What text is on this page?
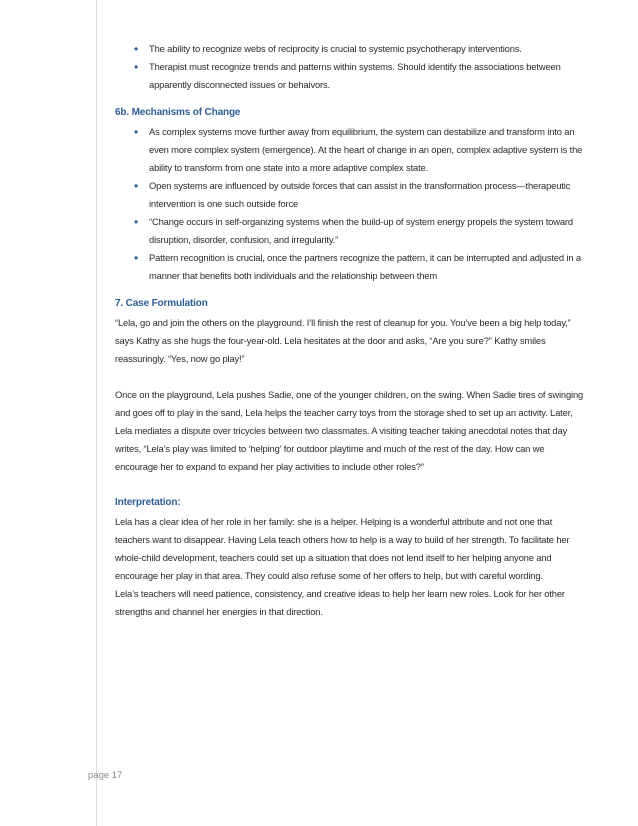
• The ability to recognize webs of reciprocity is crucial to systemic psychotherapy interventions.
• Therapist must recognize trends and patterns within systems. Should identify the associations between apparently disconnected issues or behaivors.
6b. Mechanisms of Change
• As complex systems move further away from equilibrium, the system can destabilize and transform into an even more complex system (emergence). At the heart of change in an open, complex adaptive system is the ability to transform from one state into a more adaptive complex state.
• Open systems are influenced by outside forces that can assist in the transformation process—therapeutic intervention is one such outside force
• “Change occurs in self-organizing systems when the build-up of system energy propels the system toward disruption, disorder, confusion, and irregularity.”
• Pattern recognition is crucial, once the partners recognize the pattern, it can be interrupted and adjusted in a manner that benefits both individuals and the relationship between them
7. Case Formulation

“Lela, go and join the others on the playground. I’ll finish the rest of cleanup for you. You’ve been a big help today,” says Kathy as she hugs the four-year-old. Lela hesitates at the door and asks, “Are you sure?” Kathy smiles reassuringly. “Yes, now go play!”

Once on the playground, Lela pushes Sadie, one of the younger children, on the swing. When Sadie tires of swinging and goes off to play in the sand, Lela helps the teacher carry toys from the storage shed to set up an activity. Later, Lela mediates a dispute over tricycles between two classmates. A visiting teacher taking anecdotal notes that day writes, “Lela’s play was limited to ‘helping’ for outdoor playtime and much of the rest of the day. How can we encourage her to expand to expand her play activities to include other roles?”

Interpretation:

Lela has a clear idea of her role in her family: she is a helper. Helping is a wonderful attribute and not one that teachers want to disappear. Having Lela teach others how to help is a way to build of her strength. To facilitate her whole-child development, teachers could set up a situation that does not lend itself to her helping anyone and encourage her play in that area. They could also refuse some of her offers to help, but with careful wording.

Lela’s teachers will need patience, consistency, and creative ideas to help her learn new roles. Look for her other strengths and channel her energies in that direction.

page 17
